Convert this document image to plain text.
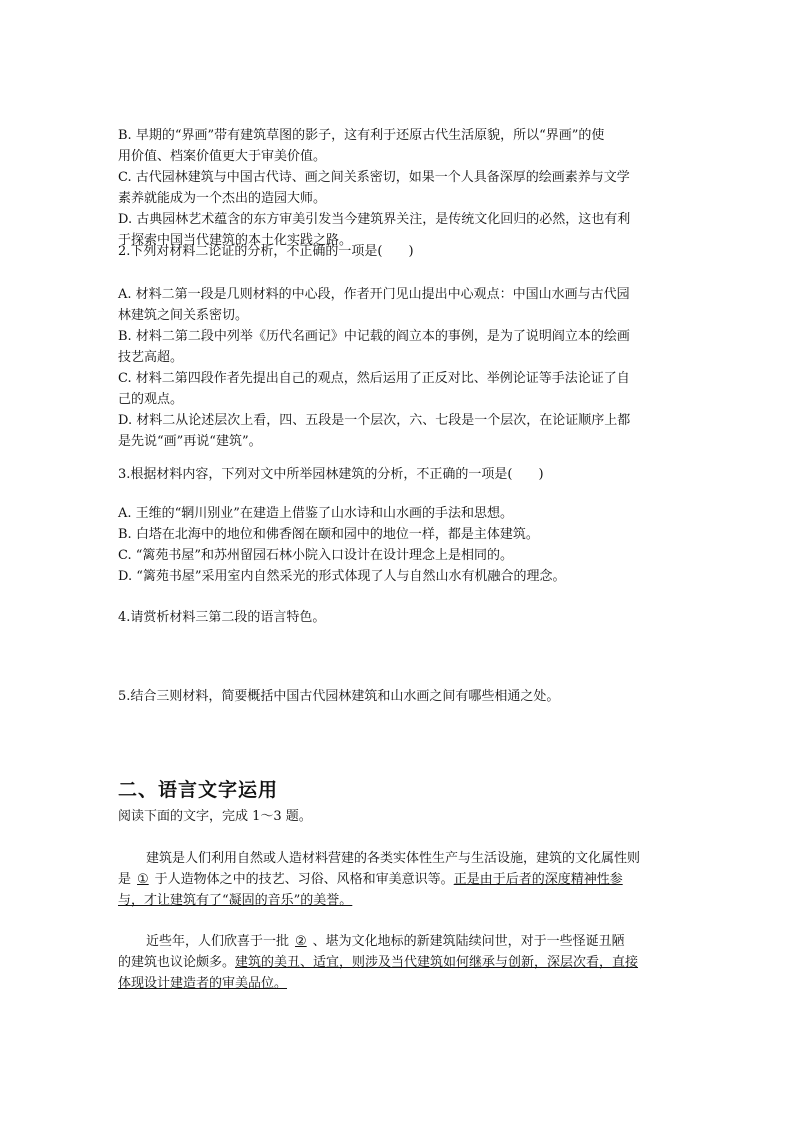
B. 早期的“界画”带有建筑草图的影子，这有利于还原古代生活原貌，所以“界画”的使
用价值、档案价值更大于审美价值。
C. 古代园林建筑与中国古代诗、画之间关系密切，如果一个人具备深厚的绘画素养与文学
素养就能成为一个杰出的造园大师。
D. 古典园林艺术蕴含的东方审美引发当今建筑界关注，是传统文化回归的必然，这也有利
于探索中国当代建筑的本土化实践之路。
2.下列对材料二论证的分析，不正确的一项是(　　)
A. 材料二第一段是几则材料的中心段，作者开门见山提出中心观点：中国山水画与古代园
林建筑之间关系密切。
B. 材料二第二段中列举《历代名画记》中记载的阎立本的事例，是为了说明阎立本的绘画
技艺高超。
C. 材料二第四段作者先提出自己的观点，然后运用了正反对比、举例论证等手法论证了自
己的观点。
D. 材料二从论述层次上看，四、五段是一个层次，六、七段是一个层次，在论证顺序上都
是先说“画”再说“建筑”。
3.根据材料内容，下列对文中所举园林建筑的分析，不正确的一项是(　　)
A. 王维的“辋川别业”在建造上借鉴了山水诗和山水画的手法和思想。
B. 白塔在北海中的地位和佛香阁在颐和园中的地位一样，都是主体建筑。
C. “篱苑书屋”和苏州留园石林小院入口设计在设计理念上是相同的。
D. “篱苑书屋”采用室内自然采光的形式体现了人与自然山水有机融合的理念。
4.请赏析材料三第二段的语言特色。
5.结合三则材料，简要概括中国古代园林建筑和山水画之间有哪些相通之处。
二、语言文字运用
阅读下面的文字，完成 1～3 题。
建筑是人们利用自然或人造材料营建的各类实体性生产与生活设施，建筑的文化属性则
是 ① 于人造物体之中的技艺、习俗、风格和审美意识等。正是由于后者的深度精神性参
与，才让建筑有了“凝固的音乐”的美誉。
近些年，人们欣喜于一批 ② 、堪为文化地标的新建筑陆续问世，对于一些怪诞丑陋
的建筑也议论颇多。建筑的美丑、适宜，则涉及当代建筑如何继承与创新，深层次看，直接
体现设计建造者的审美品位。
